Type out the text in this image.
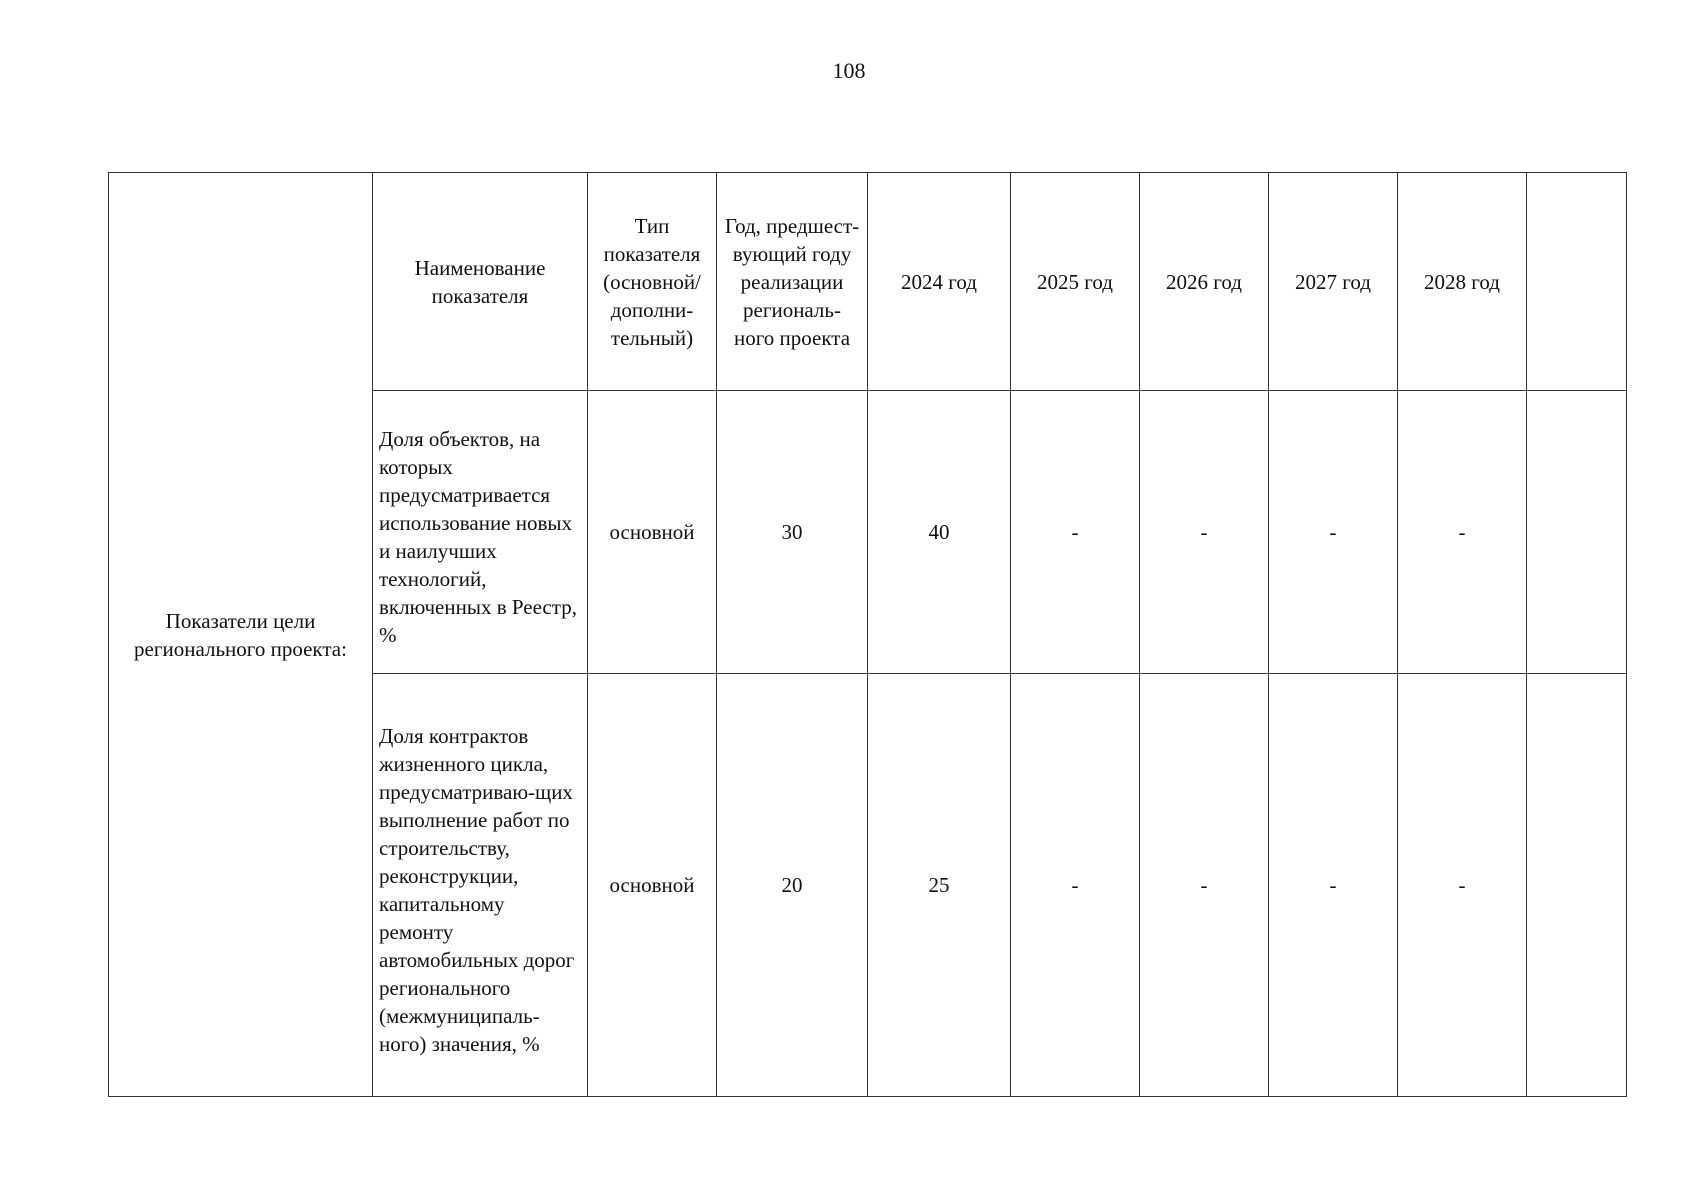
108
Показатели цели регионального проекта:	Наименование показателя	Тип показателя (основной/ дополни-тельный)	Год, предшест-вующий году реализации региональ-ного проекта	2024 год	2025 год	2026 год	2027 год	2028 год	
	Доля объектов, на которых предусматривается использование новых и наилучших технологий, включенных в Реестр, %	основной	30	40	-	-	-	-	
	Доля контрактов жизненного цикла, предусматриваю-щих выполнение работ по строительству, реконструкции, капитальному ремонту автомобильных дорог регионального (межмуниципаль-ного) значения, %	основной	20	25	-	-	-	-	
